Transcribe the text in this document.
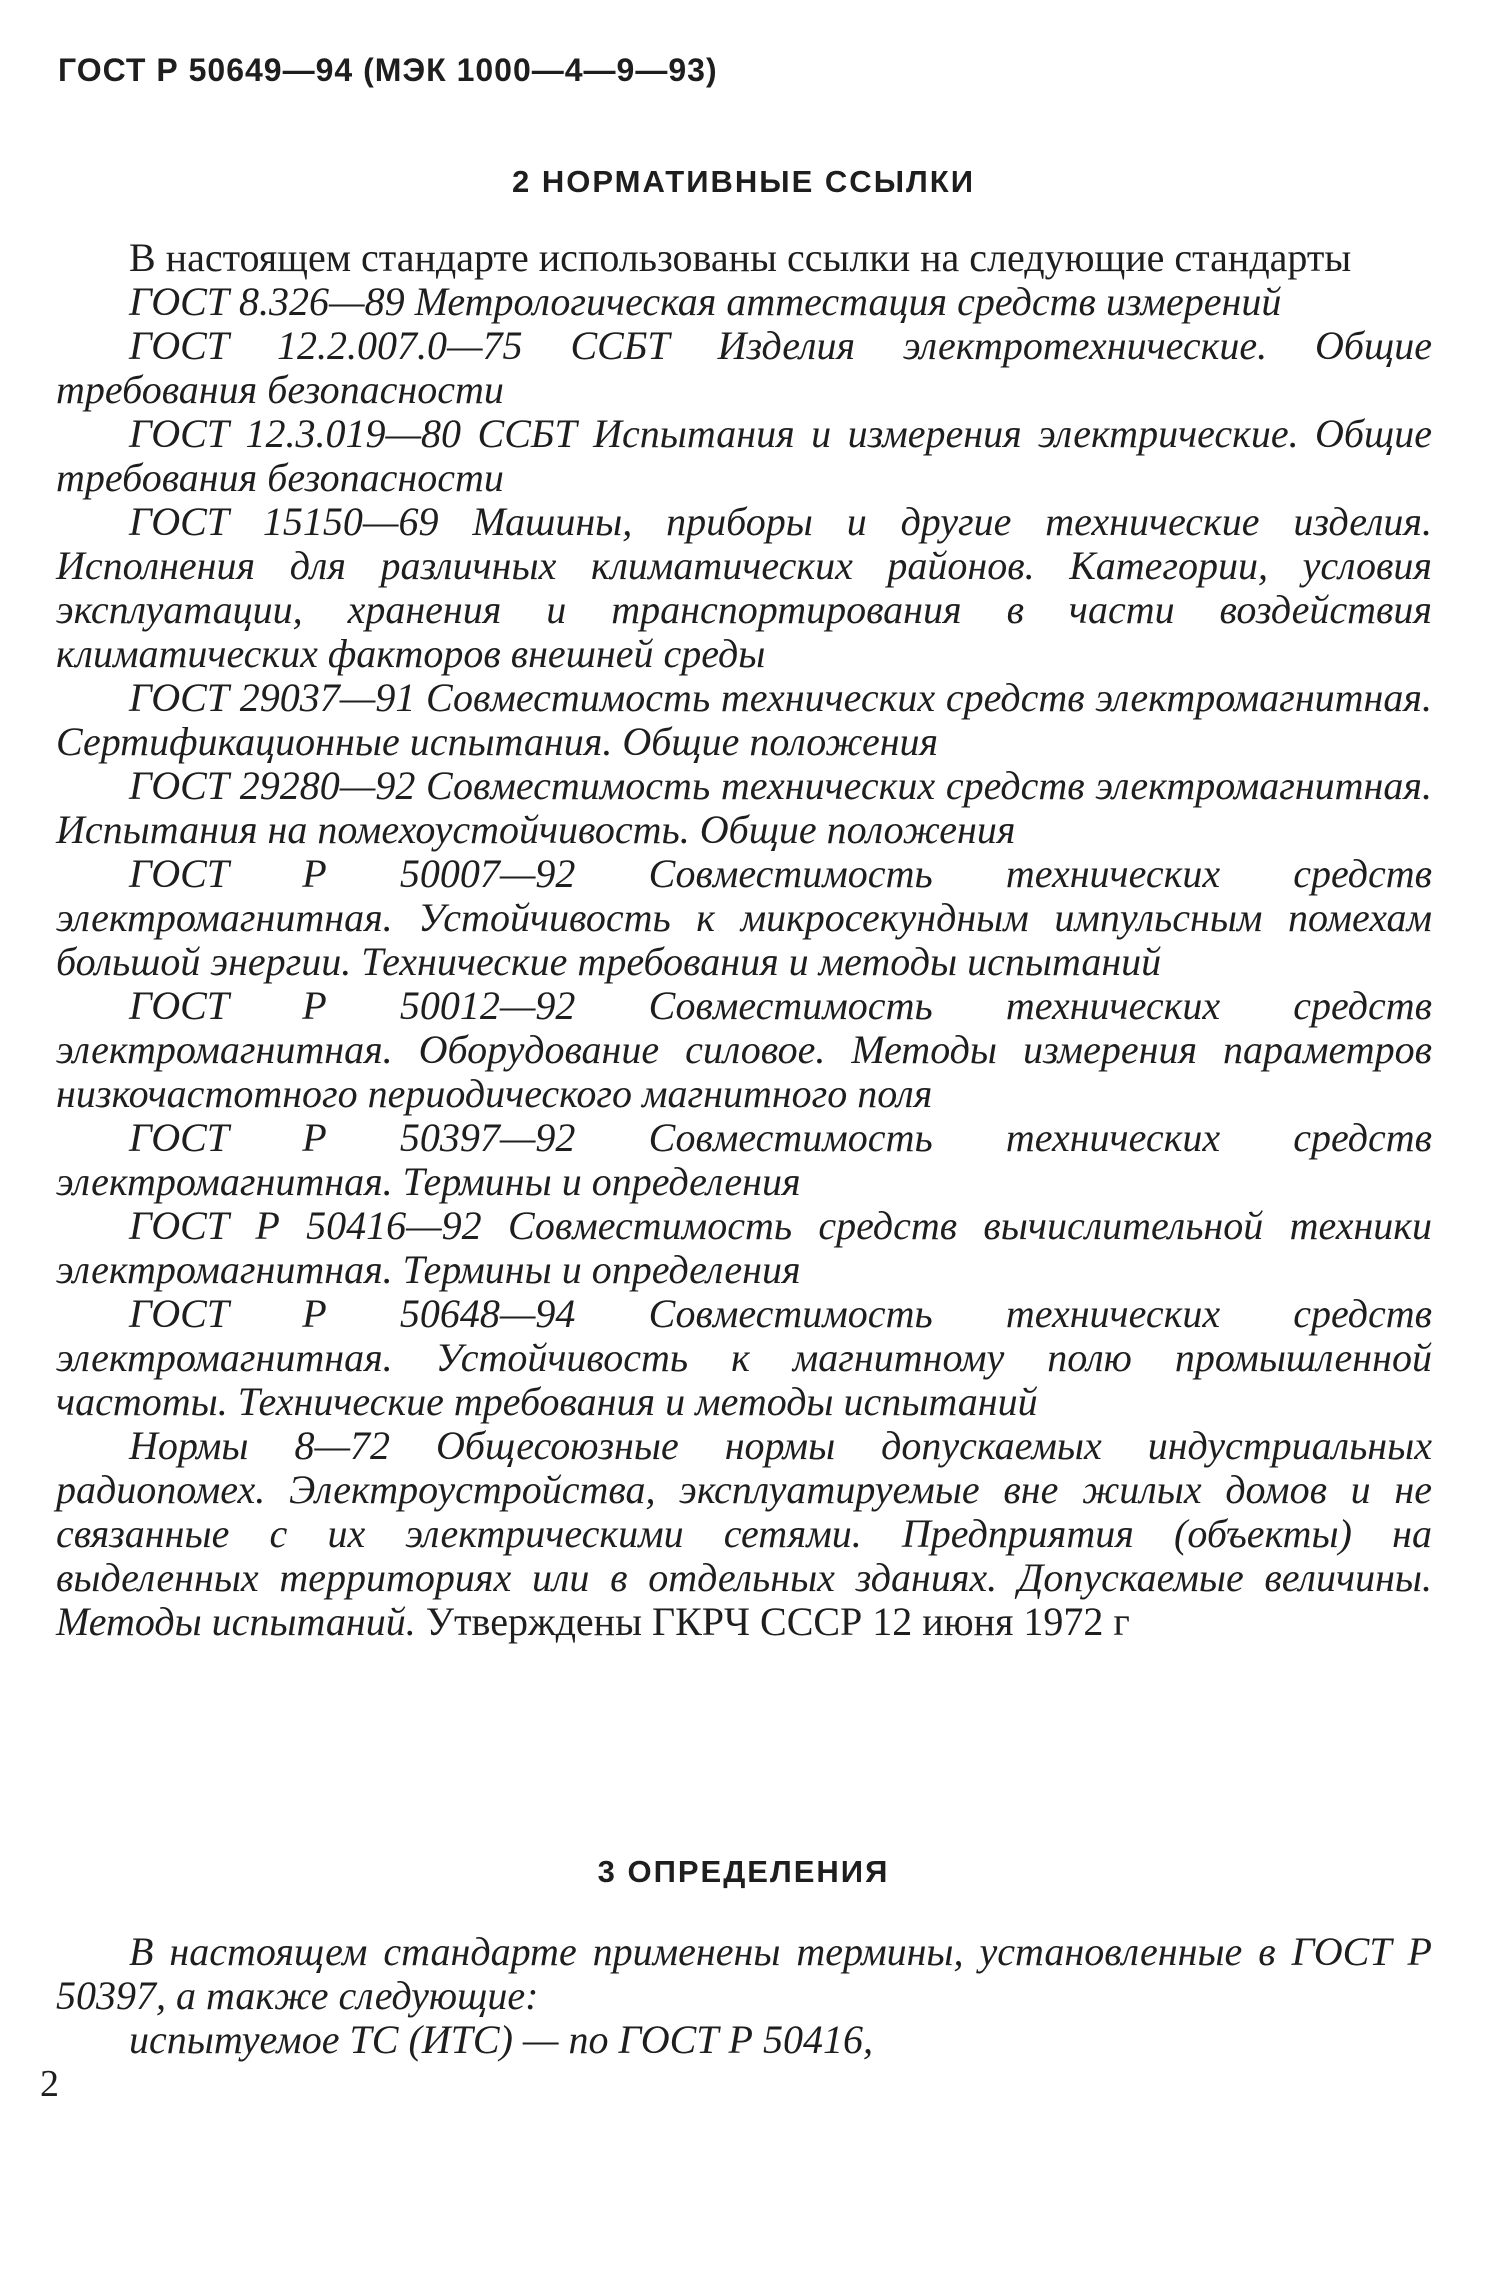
ГОСТ Р 50649—94 (МЭК 1000—4—9—93)
2 НОРМАТИВНЫЕ ССЫЛКИ

В настоящем стандарте использованы ссылки на следующие стандарты

ГОСТ 8.326—89 Метрологическая аттестация средств измерений

ГОСТ 12.2.007.0—75 ССБТ Изделия электротехнические. Общие требования безопасности

ГОСТ 12.3.019—80 ССБТ Испытания и измерения электрические. Общие требования безопасности

ГОСТ 15150—69 Машины, приборы и другие технические изделия. Исполнения для различных климатических районов. Категории, условия эксплуатации, хранения и транспортирования в части воздействия климатических факторов внешней среды

ГОСТ 29037—91 Совместимость технических средств электромагнитная. Сертификационные испытания. Общие положения

ГОСТ 29280—92 Совместимость технических средств электромагнитная. Испытания на помехоустойчивость. Общие положения

ГОСТ Р 50007—92 Совместимость технических средств электромагнитная. Устойчивость к микросекундным импульсным помехам большой энергии. Технические требования и методы испытаний

ГОСТ Р 50012—92 Совместимость технических средств электромагнитная. Оборудование силовое. Методы измерения параметров низкочастотного периодического магнитного поля

ГОСТ Р 50397—92 Совместимость технических средств электромагнитная. Термины и определения

ГОСТ Р 50416—92 Совместимость средств вычислительной техники электромагнитная. Термины и определения

ГОСТ Р 50648—94 Совместимость технических средств электромагнитная. Устойчивость к магнитному полю промышленной частоты. Технические требования и методы испытаний

Нормы 8—72 Общесоюзные нормы допускаемых индустриальных радиопомех. Электроустройства, эксплуатируемые вне жилых домов и не связанные с их электрическими сетями. Предприятия (объекты) на выделенных территориях или в отдельных зданиях. Допускаемые величины. Методы испытаний. Утверждены ГКРЧ СССР 12 июня 1972 г

3 ОПРЕДЕЛЕНИЯ

В настоящем стандарте применены термины, установленные в ГОСТ Р 50397, а также следующие:

испытуемое ТС (ИТС) — по ГОСТ Р 50416,

2
